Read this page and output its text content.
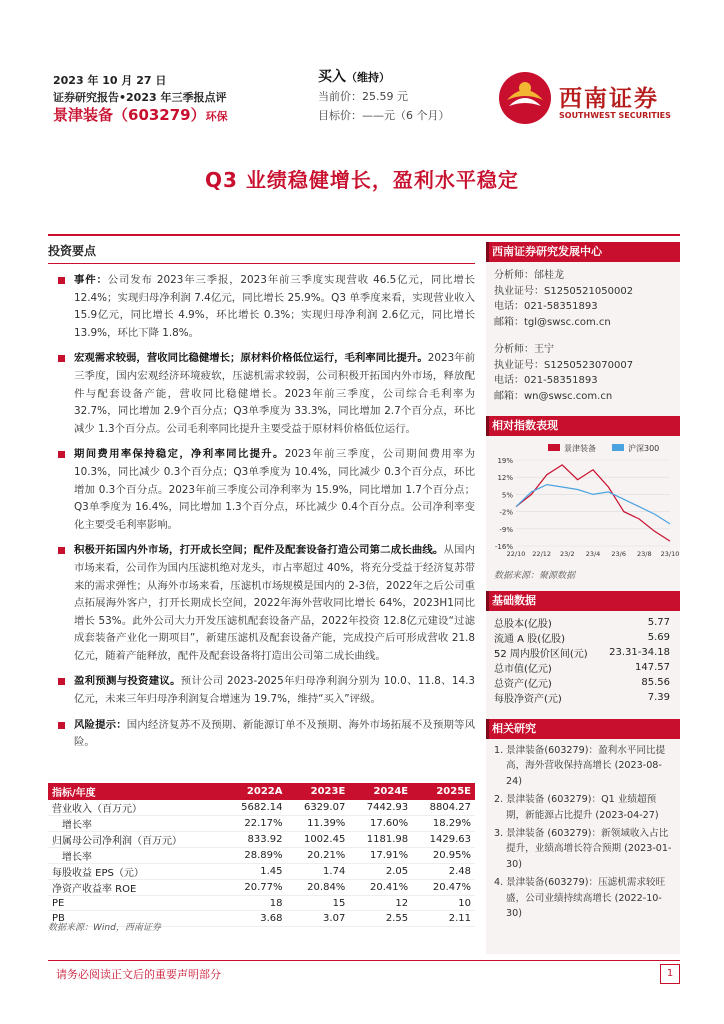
2023 年 10 月 27 日
证券研究报告•2023 年三季报点评
景津装备（603279）环保
买入（维持）
当前价：25.59 元
目标价：——元（6 个月）
西南证券
SOUTHWEST SECURITIES
Q3 业绩稳健增长，盈利水平稳定
投资要点
事件：公司发布 2023年三季报，2023年前三季度实现营收 46.5亿元，同比增长 12.4%；实现归母净利润 7.4亿元，同比增长 25.9%。Q3 单季度来看，实现营业收入 15.9亿元，同比增长 4.9%，环比增长 0.3%；实现归母净利润 2.6亿元，同比增长 13.9%，环比下降 1.8%。
宏观需求较弱，营收同比稳健增长；原材料价格低位运行，毛利率同比提升。2023年前三季度，国内宏观经济环境疲软，压滤机需求较弱，公司积极开拓国内外市场，释放配件与配套设备产能，营收同比稳健增长。2023年前三季度，公司综合毛利率为 32.7%，同比增加 2.9个百分点；Q3单季度为 33.3%，同比增加 2.7个百分点，环比减少 1.3个百分点。公司毛利率同比提升主要受益于原材料价格低位运行。
期间费用率保持稳定，净利率同比提升。2023年前三季度，公司期间费用率为 10.3%，同比减少 0.3个百分点；Q3单季度为 10.4%，同比减少 0.3个百分点，环比增加 0.3个百分点。2023年前三季度公司净利率为 15.9%，同比增加 1.7个百分点；Q3单季度为 16.4%，同比增加 1.3个百分点，环比减少 0.4个百分点。公司净利率变化主要受毛利率影响。
积极开拓国内外市场，打开成长空间；配件及配套设备打造公司第二成长曲线。从国内市场来看，公司作为国内压滤机绝对龙头，市占率超过 40%，将充分受益于经济复苏带来的需求弹性；从海外市场来看，压滤机市场规模是国内的 2-3倍，2022年之后公司重点拓展海外客户，打开长期成长空间，2022年海外营收同比增长 64%，2023H1同比增长 53%。此外公司大力开发压滤机配套设备产品，2022年投资 12.8亿元建设“过滤成套装备产业化一期项目”，新建压滤机及配套设备产能，完成投产后可形成营收 21.8亿元，随着产能释放，配件及配套设备将打造出公司第二成长曲线。
盈利预测与投资建议。预计公司 2023-2025年归母净利润分别为 10.0、11.8、14.3亿元，未来三年归母净利润复合增速为 19.7%，维持“买入”评级。
风险提示：国内经济复苏不及预期、新能源订单不及预期、海外市场拓展不及预期等风险。
指标/年度	2022A	2023E	2024E	2025E
营业收入（百万元）	5682.14	6329.07	7442.93	8804.27
增长率	22.17%	11.39%	17.60%	18.29%
归属母公司净利润（百万元）	833.92	1002.45	1181.98	1429.63
增长率	28.89%	20.21%	17.91%	20.95%
每股收益 EPS（元）	1.45	1.74	2.05	2.48
净资产收益率 ROE	20.77%	20.84%	20.41%	20.47%
PE	18	15	12	10
PB	3.68	3.07	2.55	2.11
数据来源：Wind，西南证券
西南证券研究发展中心
分析师：邰桂龙
执业证号：S1250521050002
电话：021-58351893
邮箱：tgl@swsc.com.cn
分析师：王宁
执业证号：S1250523070007
电话：021-58351893
邮箱：wn@swsc.com.cn
相对指数表现
景津装备	沪深300
19%
12%
5%
-2%
-9%
-16%
22/10 22/12 23/2 23/4 23/6 23/8 23/10
数据来源：聚源数据
基础数据
总股本(亿股)	5.77
流通 A 股(亿股)	5.69
52 周内股价区间(元)	23.31-34.18
总市值(亿元)	147.57
总资产(亿元)	85.56
每股净资产(元)	7.39
相关研究
1. 景津装备(603279)：盈利水平同比提高，海外营收保持高增长 (2023-08-24)
2. 景津装备 (603279)：Q1 业绩超预期，新能源占比提升 (2023-04-27)
3. 景津装备 (603279)：新领域收入占比提升，业绩高增长符合预期 (2023-01-30)
4. 景津装备(603279)：压滤机需求较旺盛，公司业绩持续高增长 (2022-10-30)
请务必阅读正文后的重要声明部分	1
